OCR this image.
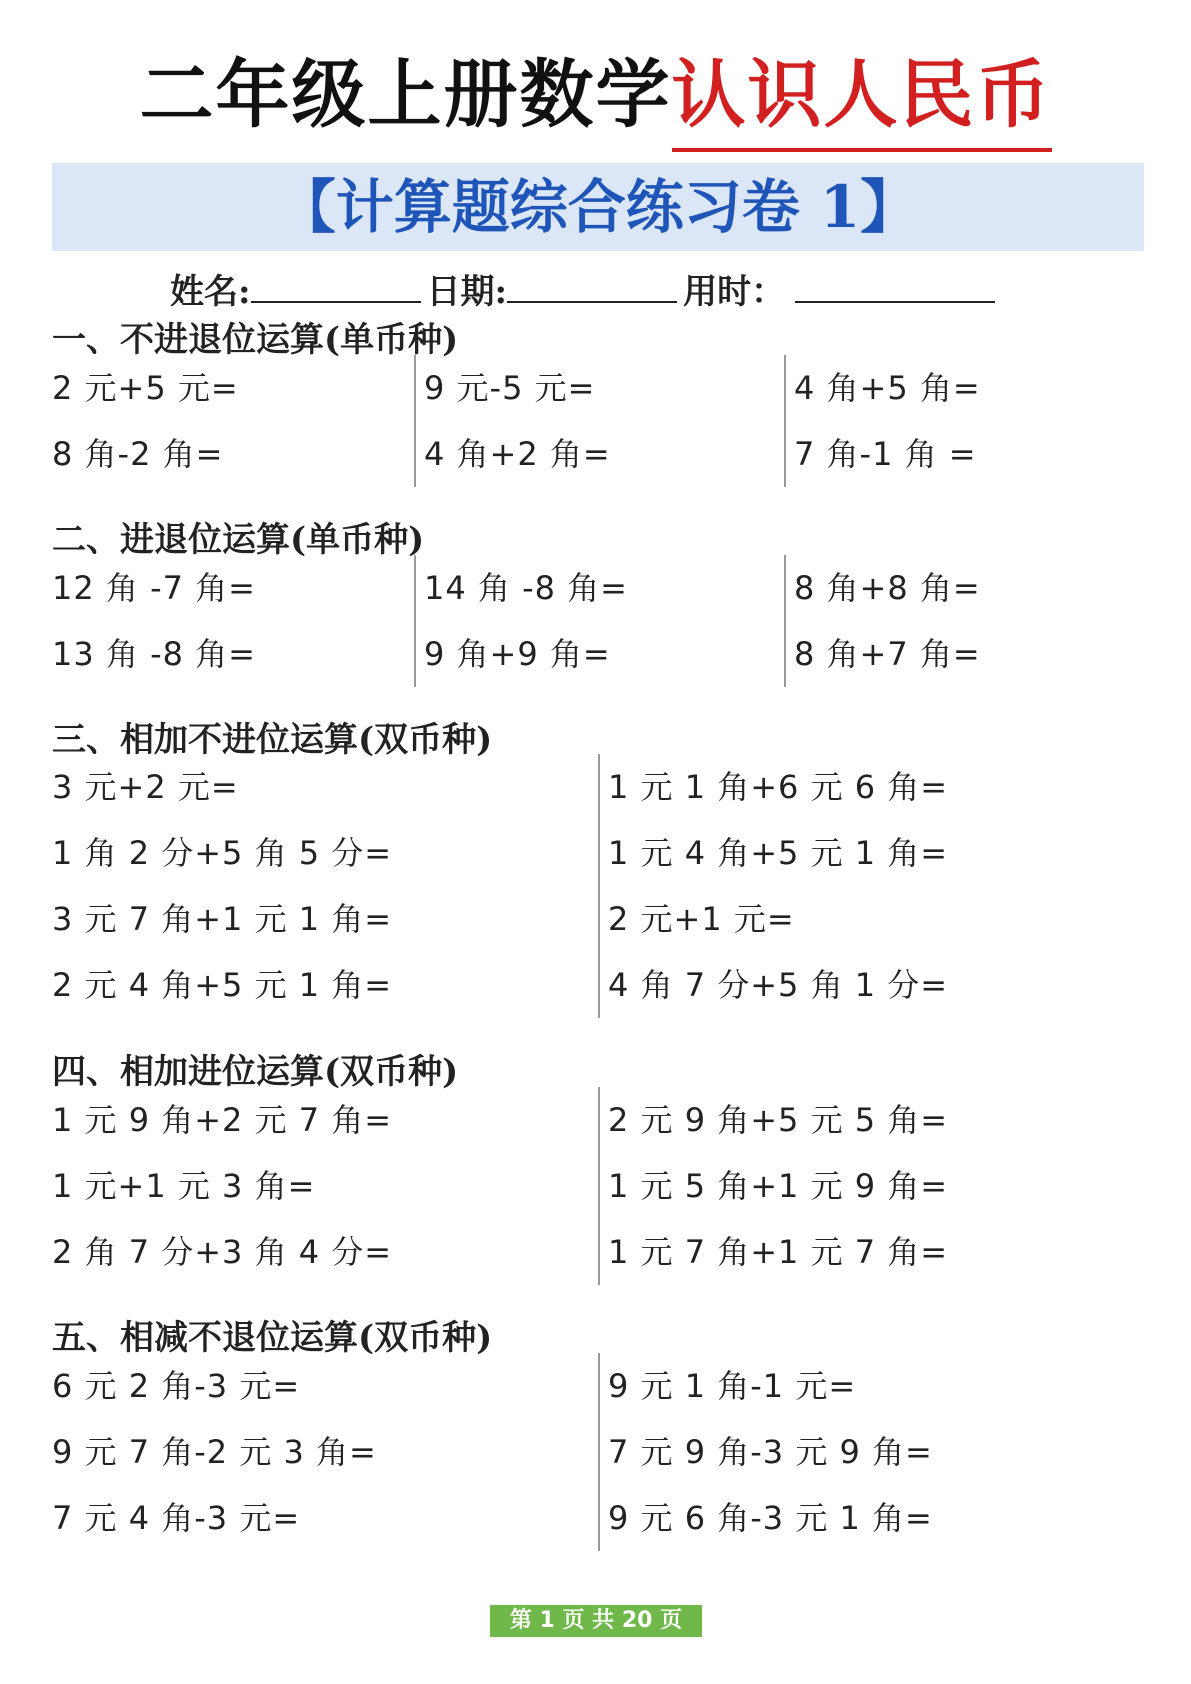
二年级上册数学认识人民币
【计算题综合练习卷 1】
姓名:	日期:	用时：
一、不进退位运算(单币种)
2 元+5 元=
8 角-2 角=
9 元-5 元=
4 角+2 角=
4 角+5 角=
7 角-1 角 =
二、进退位运算(单币种)
12 角 -7 角=
13 角 -8 角=
14 角 -8 角=
9 角+9 角=
8 角+8 角=
8 角+7 角=
三、相加不进位运算(双币种)
3 元+2 元=
1 角 2 分+5 角 5 分=
3 元 7 角+1 元 1 角=
2 元 4 角+5 元 1 角=
1 元 1 角+6 元 6 角=
1 元 4 角+5 元 1 角=
2 元+1 元=
4 角 7 分+5 角 1 分=
四、相加进位运算(双币种)
1 元 9 角+2 元 7 角=
1 元+1 元 3 角=
2 角 7 分+3 角 4 分=
2 元 9 角+5 元 5 角=
1 元 5 角+1 元 9 角=
1 元 7 角+1 元 7 角=
五、相减不退位运算(双币种)
6 元 2 角-3 元=
9 元 7 角-2 元 3 角=
7 元 4 角-3 元=
9 元 1 角-1 元=
7 元 9 角-3 元 9 角=
9 元 6 角-3 元 1 角=
第 1 页 共 20 页
